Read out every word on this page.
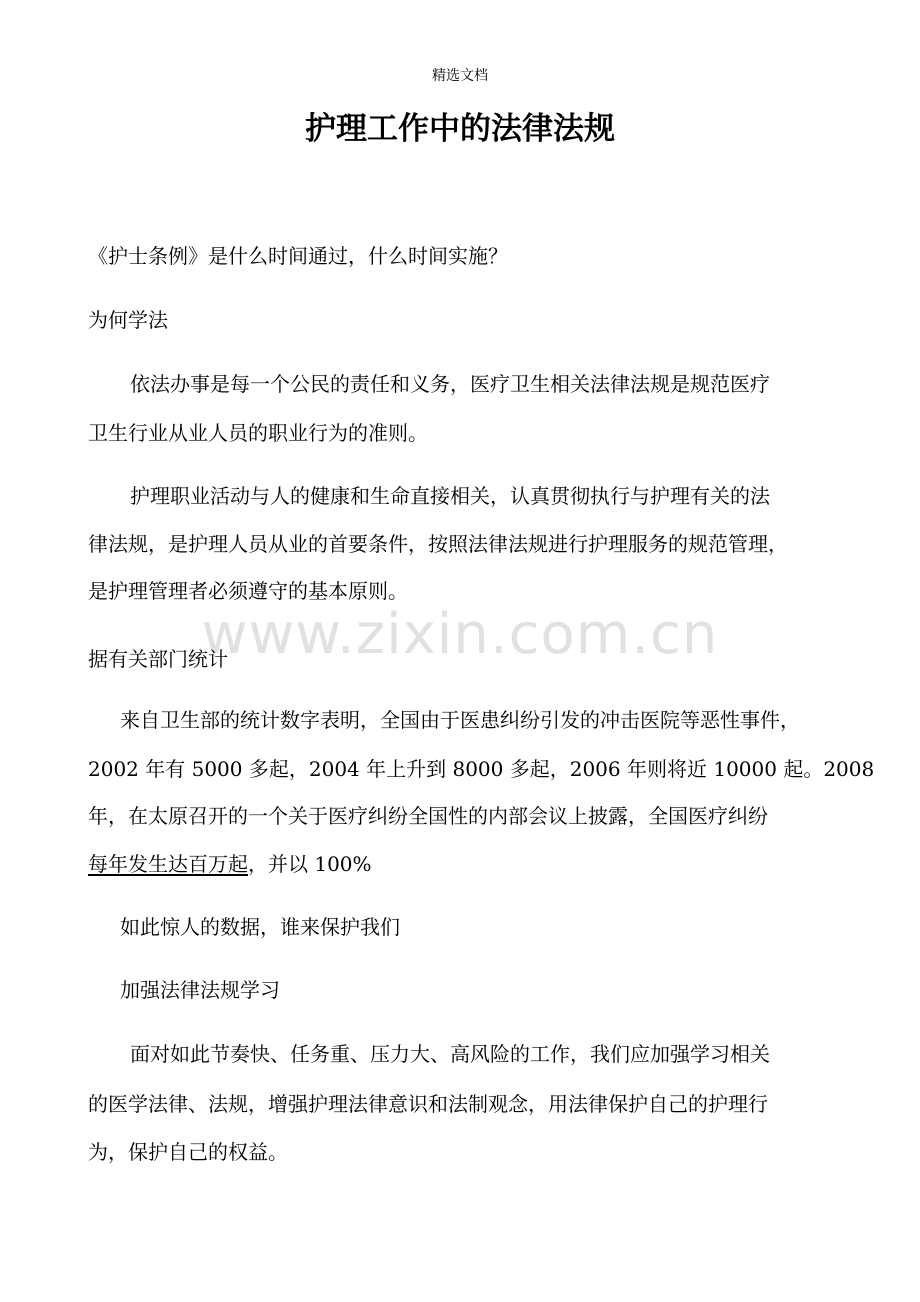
精选文档
护理工作中的法律法规
www.zixin.com.cn
《护士条例》是什么时间通过，什么时间实施？
为何学法
依法办事是每一个公民的责任和义务，医疗卫生相关法律法规是规范医疗
卫生行业从业人员的职业行为的准则。
护理职业活动与人的健康和生命直接相关，认真贯彻执行与护理有关的法
律法规，是护理人员从业的首要条件，按照法律法规进行护理服务的规范管理，
是护理管理者必须遵守的基本原则。
据有关部门统计
来自卫生部的统计数字表明，全国由于医患纠纷引发的冲击医院等恶性事件，
2002 年有 5000 多起，2004 年上升到 8000 多起，2006 年则将近 10000 起。2008
年，在太原召开的一个关于医疗纠纷全国性的内部会议上披露，全国医疗纠纷
每年发生达百万起，并以 100%
如此惊人的数据，谁来保护我们
加强法律法规学习
面对如此节奏快、任务重、压力大、高风险的工作，我们应加强学习相关
的医学法律、法规，增强护理法律意识和法制观念，用法律保护自己的护理行
为，保护自己的权益。
